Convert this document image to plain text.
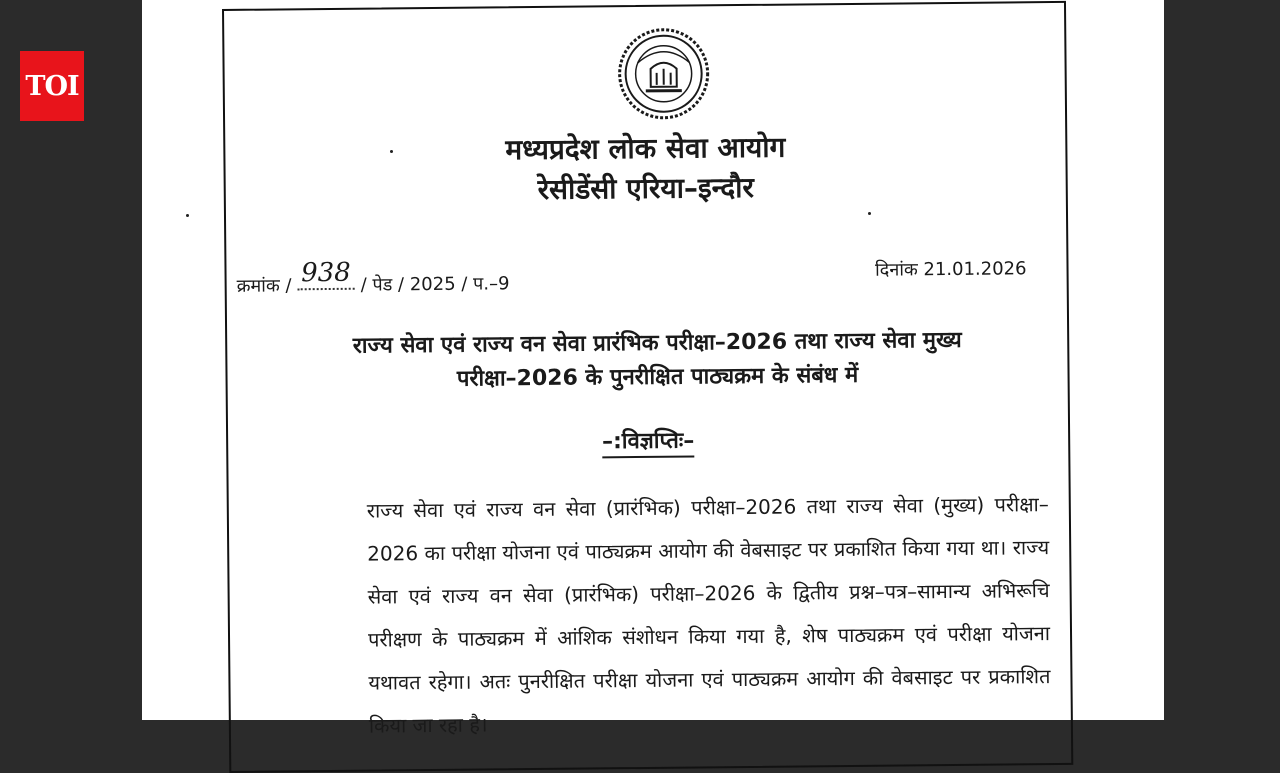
TOI
मध्यप्रदेश लोक सेवा आयोग
रेसीडेंसी एरिया–इन्दौर
क्रमांक / 938 / पेड / 2025 / प.–9
दिनांक 21.01.2026
राज्य सेवा एवं राज्य वन सेवा प्रारंभिक परीक्षा–2026 तथा राज्य सेवा मुख्य
परीक्षा–2026 के पुनरीक्षित पाठ्यक्रम के संबंध में
–:विज्ञप्तिः–

राज्य सेवा एवं राज्य वन सेवा (प्रारंभिक) परीक्षा–2026 तथा राज्य सेवा (मुख्य) परीक्षा–2026 का परीक्षा योजना एवं पाठ्यक्रम आयोग की वेबसाइट पर प्रकाशित किया गया था। राज्य सेवा एवं राज्य वन सेवा (प्रारंभिक) परीक्षा–2026 के द्वितीय प्रश्न–पत्र–सामान्य अभिरूचि परीक्षण के पाठ्यक्रम में आंशिक संशोधन किया गया है, शेष पाठ्यक्रम एवं परीक्षा योजना यथावत रहेगा। अतः पुनरीक्षित परीक्षा योजना एवं पाठ्यक्रम आयोग की वेबसाइट पर प्रकाशित किया जा रहा है।
